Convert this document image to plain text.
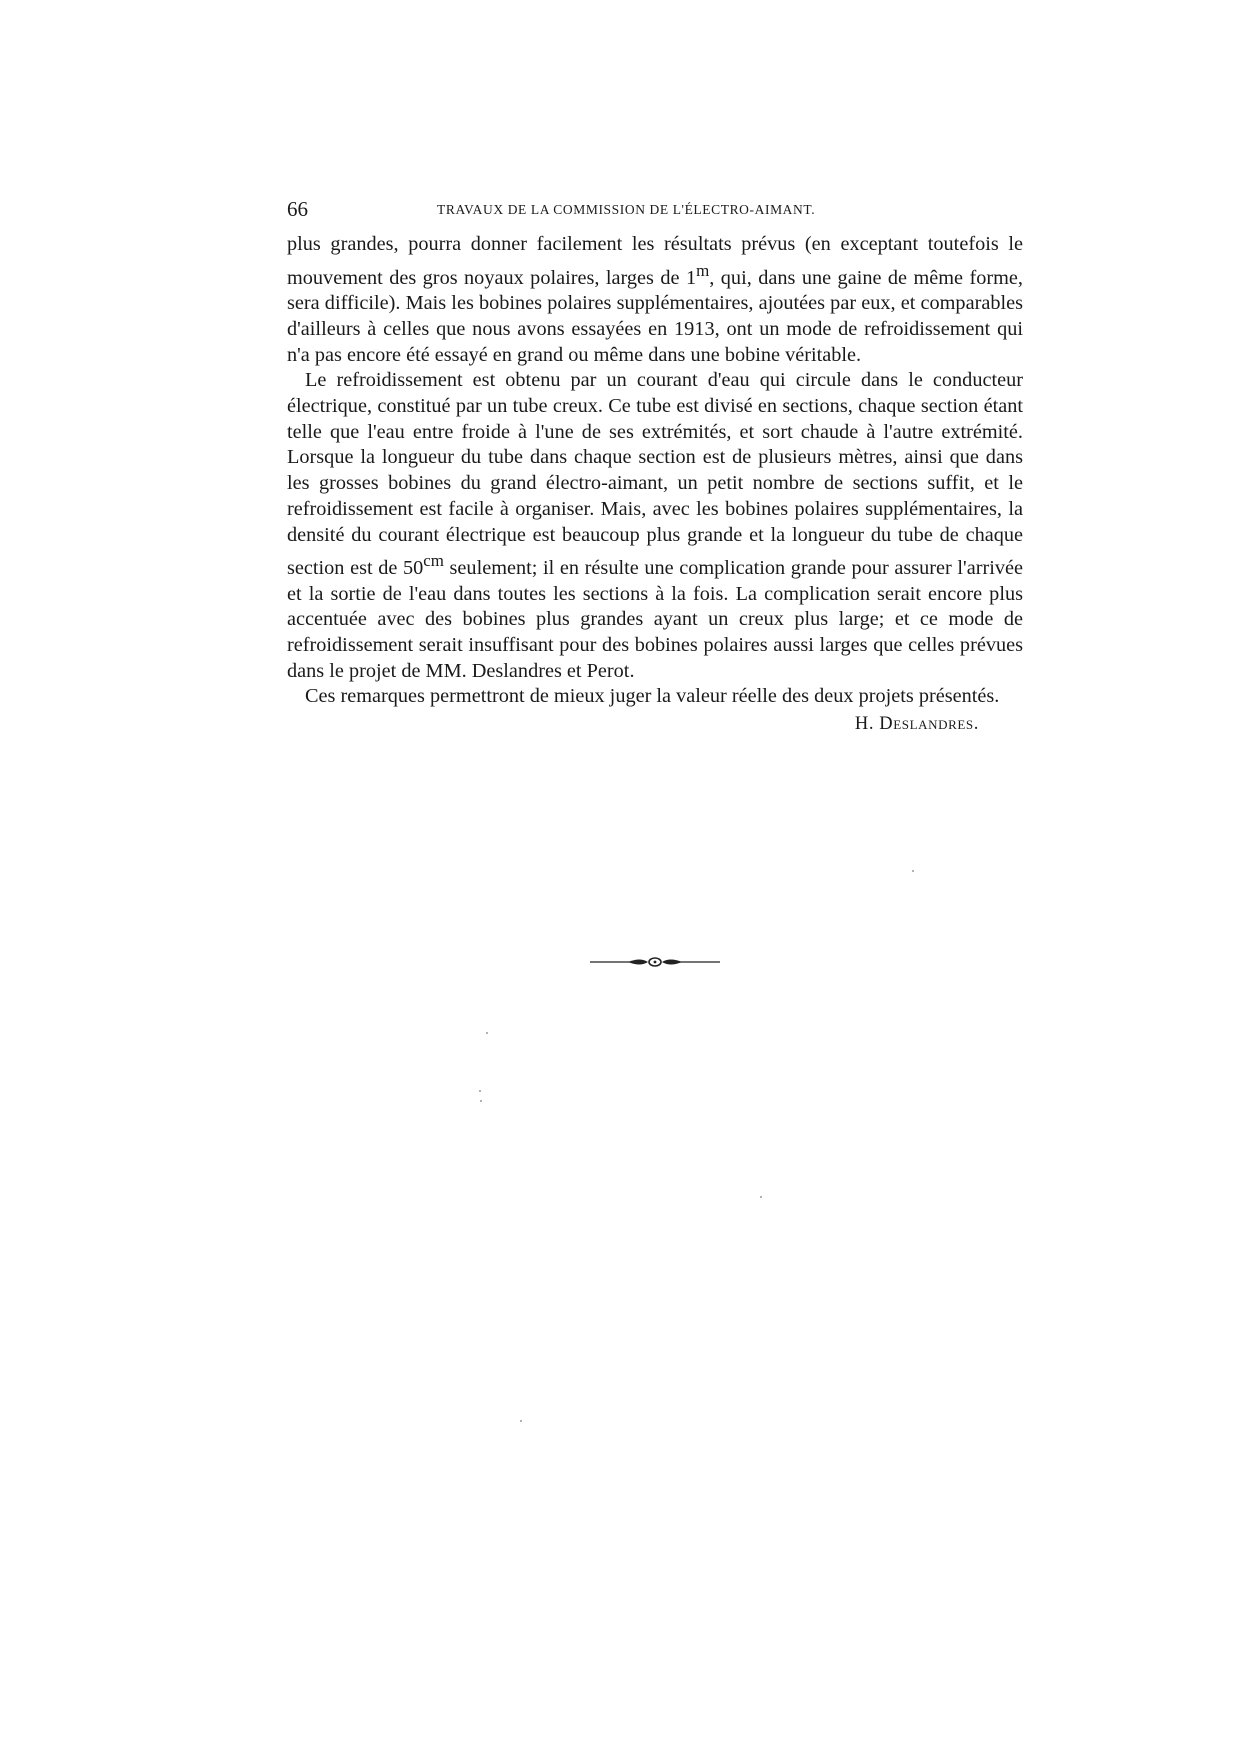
66	TRAVAUX DE LA COMMISSION DE L'ÉLECTRO-AIMANT.

plus grandes, pourra donner facilement les résultats prévus (en exceptant toutefois le mouvement des gros noyaux polaires, larges de 1$^m$, qui, dans une gaine de même forme, sera difficile). Mais les bobines polaires supplémentaires, ajoutées par eux, et comparables d'ailleurs à celles que nous avons essayées en 1913, ont un mode de refroidissement qui n'a pas encore été essayé en grand ou même dans une bobine véritable.

Le refroidissement est obtenu par un courant d'eau qui circule dans le conducteur électrique, constitué par un tube creux. Ce tube est divisé en sections, chaque section étant telle que l'eau entre froide à l'une de ses extrémités, et sort chaude à l'autre extrémité. Lorsque la longueur du tube dans chaque section est de plusieurs mètres, ainsi que dans les grosses bobines du grand électro-aimant, un petit nombre de sections suffit, et le refroidissement est facile à organiser. Mais, avec les bobines polaires supplémentaires, la densité du courant électrique est beaucoup plus grande et la longueur du tube de chaque section est de $50^{cm}$ seulement; il en résulte une complication grande pour assurer l'arrivée et la sortie de l'eau dans toutes les sections à la fois. La complication serait encore plus accentuée avec des bobines plus grandes ayant un creux plus large; et ce mode de refroidissement serait insuffisant pour des bobines polaires aussi larges que celles prévues dans le projet de MM. Deslandres et Perot.

Ces remarques permettront de mieux juger la valeur réelle des deux projets présentés.

H. Deslandres.
